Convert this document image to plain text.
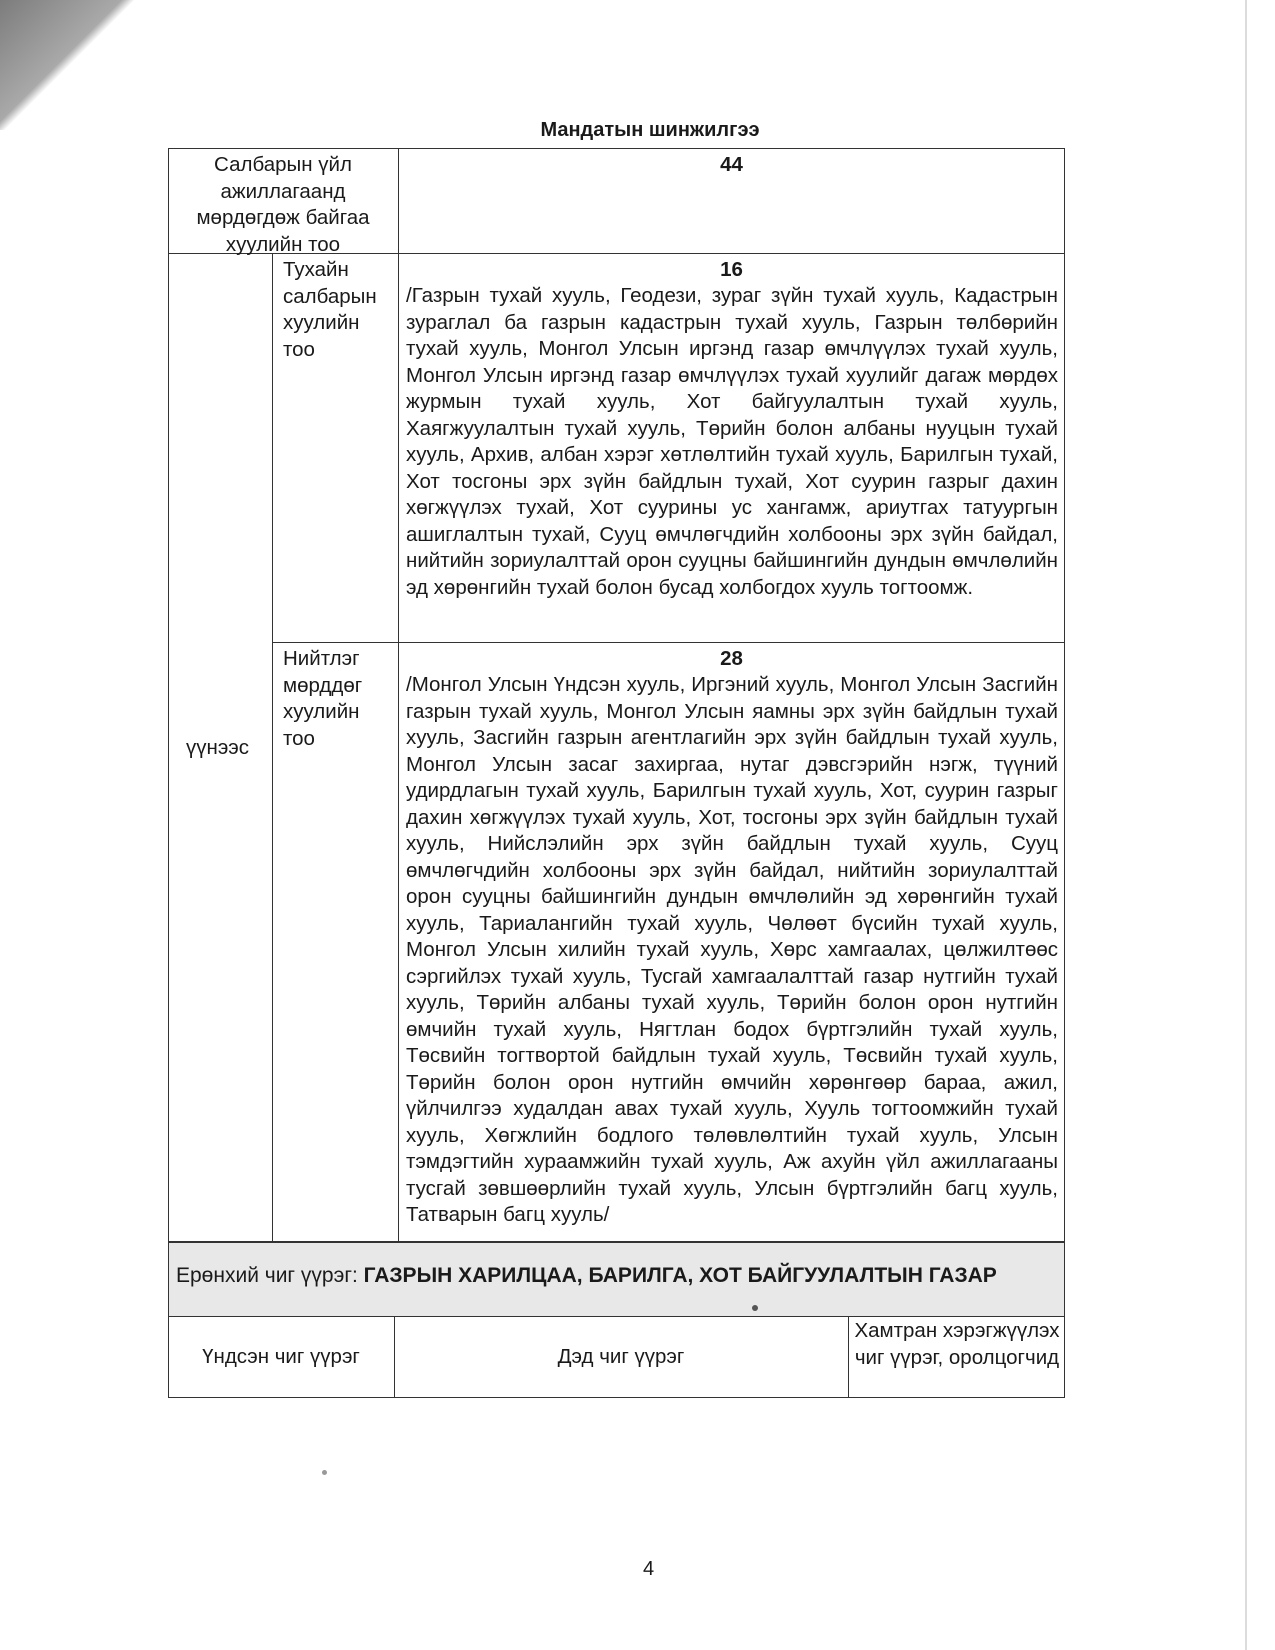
Мандатын шинжилгээ
Салбарын үйл ажиллагаанд мөрдөгдөж байгаа хуулийн тоо
44
үүнээс
Тухайн салбарын хуулийн тоо
16
/Газрын тухай хууль, Геодези, зураг зүйн тухай хууль, Кадастрын зураглал ба газрын кадастрын тухай хууль, Газрын төлбөрийн тухай хууль, Монгол Улсын иргэнд газар өмчлүүлэх тухай хууль, Монгол Улсын иргэнд газар өмчлүүлэх тухай хуулийг дагаж мөрдөх журмын тухай хууль, Хот байгуулалтын тухай хууль, Хаягжуулалтын тухай хууль, Төрийн болон албаны нууцын тухай хууль, Архив, албан хэрэг хөтлөлтийн тухай хууль, Барилгын тухай, Хот тосгоны эрх зүйн байдлын тухай, Хот суурин газрыг дахин хөгжүүлэх тухай, Хот суурины ус хангамж, ариутгах татуургын ашиглалтын тухай, Сууц өмчлөгчдийн холбооны эрх зүйн байдал, нийтийн зориулалттай орон сууцны байшингийн дундын өмчлөлийн эд хөрөнгийн тухай болон бусад холбогдох хууль тогтоомж.
Нийтлэг мөрддөг хуулийн тоо
28
/Монгол Улсын Үндсэн хууль, Иргэний хууль, Монгол Улсын Засгийн газрын тухай хууль, Монгол Улсын яамны эрх зүйн байдлын тухай хууль, Засгийн газрын агентлагийн эрх зүйн байдлын тухай хууль, Монгол Улсын засаг захиргаа, нутаг дэвсгэрийн нэгж, түүний удирдлагын тухай хууль, Барилгын тухай хууль, Хот, суурин газрыг дахин хөгжүүлэх тухай хууль, Хот, тосгоны эрх зүйн байдлын тухай хууль, Нийслэлийн эрх зүйн байдлын тухай хууль, Сууц өмчлөгчдийн холбооны эрх зүйн байдал, нийтийн зориулалттай орон сууцны байшингийн дундын өмчлөлийн эд хөрөнгийн тухай хууль, Тариалангийн тухай хууль, Чөлөөт бүсийн тухай хууль, Монгол Улсын хилийн тухай хууль, Хөрс хамгаалах, цөлжилтөөс сэргийлэх тухай хууль, Тусгай хамгаалалттай газар нутгийн тухай хууль, Төрийн албаны тухай хууль, Төрийн болон орон нутгийн өмчийн тухай хууль, Нягтлан бодох бүртгэлийн тухай хууль, Төсвийн тогтвортой байдлын тухай хууль, Төсвийн тухай хууль, Төрийн болон орон нутгийн өмчийн хөрөнгөөр бараа, ажил, үйлчилгээ худалдан авах тухай хууль, Хууль тогтоомжийн тухай хууль, Хөгжлийн бодлого төлөвлөлтийн тухай хууль, Улсын тэмдэгтийн хураамжийн тухай хууль, Аж ахуйн үйл ажиллагааны тусгай зөвшөөрлийн тухай хууль, Улсын бүртгэлийн багц хууль, Татварын багц хууль/
Ерөнхий чиг үүрэг: ГАЗРЫН ХАРИЛЦАА, БАРИЛГА, ХОТ БАЙГУУЛАЛТЫН ГАЗАР
Үндсэн чиг үүрэг	Дэд чиг үүрэг
Хамтран хэрэгжүүлэх чиг үүрэг, оролцогчид
4
